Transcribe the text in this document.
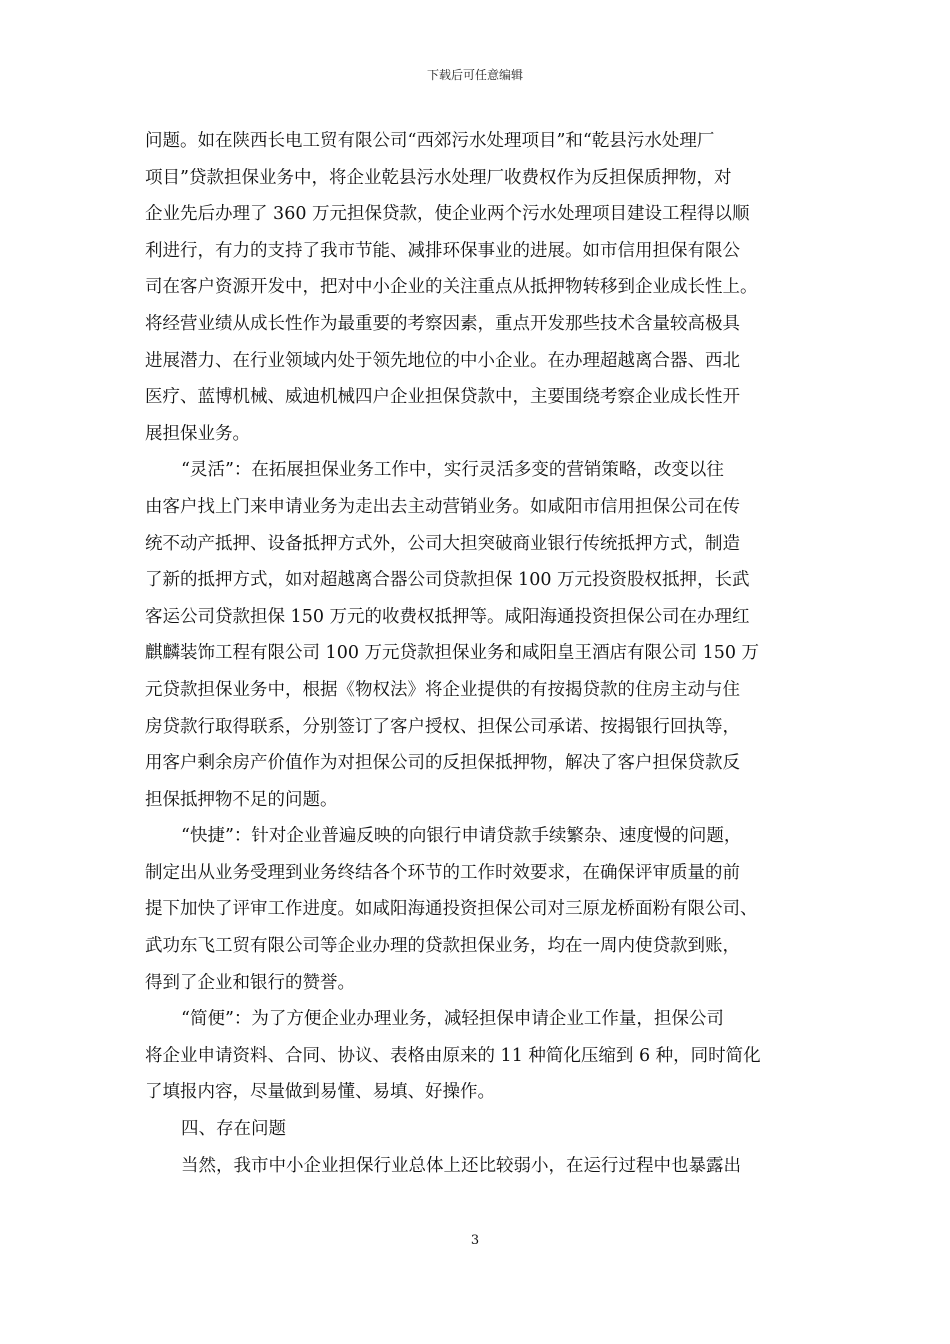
下载后可任意编辑
问题。如在陕西长电工贸有限公司“西郊污水处理项目”和“乾县污水处理厂
项目”贷款担保业务中，将企业乾县污水处理厂收费权作为反担保质押物，对
企业先后办理了 360 万元担保贷款，使企业两个污水处理项目建设工程得以顺
利进行，有力的支持了我市节能、减排环保事业的进展。如市信用担保有限公
司在客户资源开发中，把对中小企业的关注重点从抵押物转移到企业成长性上。
将经营业绩从成长性作为最重要的考察因素，重点开发那些技术含量较高极具
进展潜力、在行业领域内处于领先地位的中小企业。在办理超越离合器、西北
医疗、蓝博机械、威迪机械四户企业担保贷款中，主要围绕考察企业成长性开
展担保业务。
“灵活”：在拓展担保业务工作中，实行灵活多变的营销策略，改变以往
由客户找上门来申请业务为走出去主动营销业务。如咸阳市信用担保公司在传
统不动产抵押、设备抵押方式外，公司大担突破商业银行传统抵押方式，制造
了新的抵押方式，如对超越离合器公司贷款担保 100 万元投资股权抵押，长武
客运公司贷款担保 150 万元的收费权抵押等。咸阳海通投资担保公司在办理红
麒麟装饰工程有限公司 100 万元贷款担保业务和咸阳皇王酒店有限公司 150 万
元贷款担保业务中，根据《物权法》将企业提供的有按揭贷款的住房主动与住
房贷款行取得联系，分别签订了客户授权、担保公司承诺、按揭银行回执等，
用客户剩余房产价值作为对担保公司的反担保抵押物，解决了客户担保贷款反
担保抵押物不足的问题。
“快捷”：针对企业普遍反映的向银行申请贷款手续繁杂、速度慢的问题，
制定出从业务受理到业务终结各个环节的工作时效要求，在确保评审质量的前
提下加快了评审工作进度。如咸阳海通投资担保公司对三原龙桥面粉有限公司、
武功东飞工贸有限公司等企业办理的贷款担保业务，均在一周内使贷款到账，
得到了企业和银行的赞誉。
“简便”：为了方便企业办理业务，减轻担保申请企业工作量，担保公司
将企业申请资料、合同、协议、表格由原来的 11 种简化压缩到 6 种，同时简化
了填报内容，尽量做到易懂、易填、好操作。
四、存在问题
当然，我市中小企业担保行业总体上还比较弱小，在运行过程中也暴露出
3
